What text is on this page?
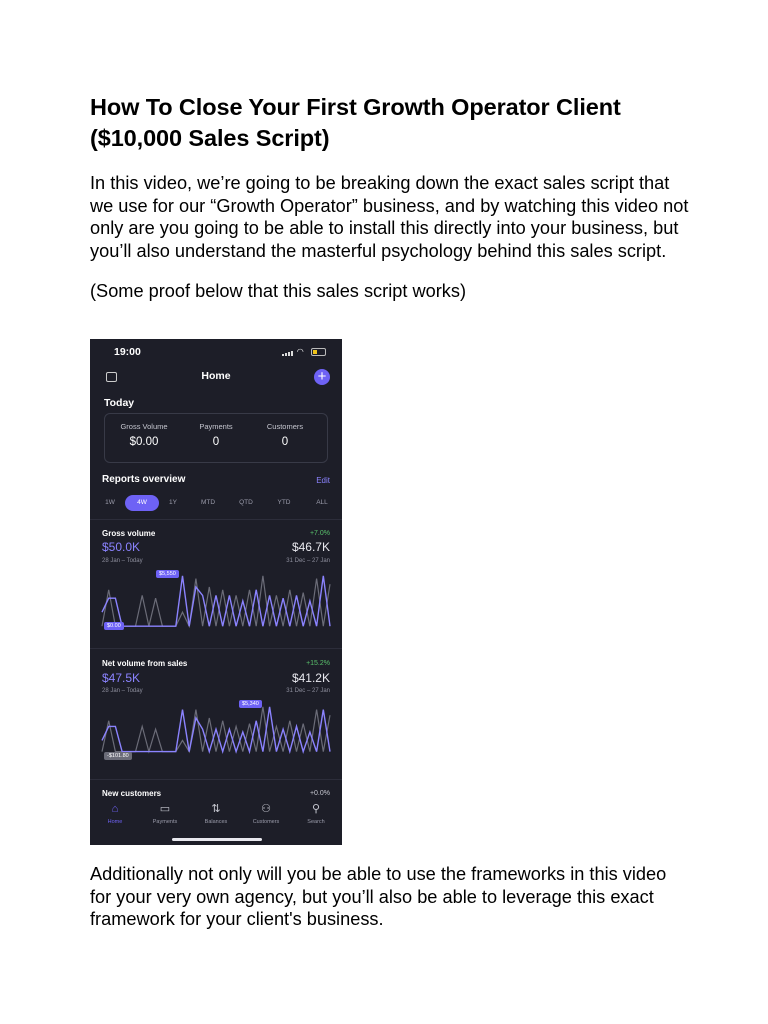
How To Close Your First Growth Operator Client ($10,000 Sales Script)

In this video, we’re going to be breaking down the exact sales script that we use for our “Growth Operator” business, and by watching this video not only are you going to be able to install this directly into your business, but you’ll also understand the masterful psychology behind this sales script.

(Some proof below that this sales script works)

19:00	◠
Home	+
Today
Gross Volume
$0.00
Payments
0
Customers
0
Reports overview	Edit
1W	4W	1Y	MTD	QTD	YTD	ALL
Gross volume	+7.0%
$50.0K	$46.7K
28 Jan – Today	31 Dec – 27 Jan
$5,550
$0.00
Net volume from sales	+15.2%
$47.5K	$41.2K
28 Jan – Today	31 Dec – 27 Jan
$5,340
-$101.80
New customers	+0.0%
⌂
Home
▭
Payments
⇅
Balances
⚇
Customers
⚲
Search

Additionally not only will you be able to use the frameworks in this video for your very own agency, but you’ll also be able to leverage this exact framework for your client's business.
